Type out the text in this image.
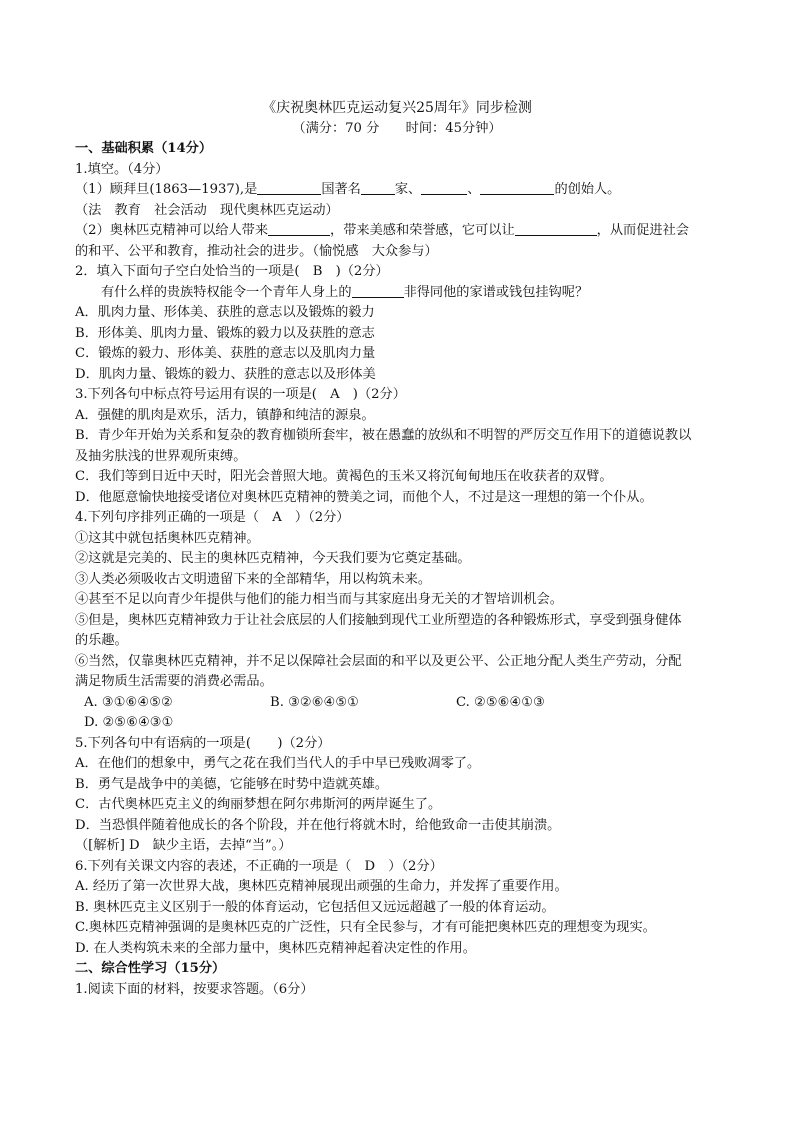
《庆祝奥林匹克运动复兴25周年》同步检测
（满分：70 分　　时间：45分钟）
一、基础积累（14分）
1.填空。（4分）
（1）顾拜旦(1863—1937),是	国著名	家、	、	的创始人。
（法　教育　社会活动　现代奥林匹克运动）
（2）奥林匹克精神可以给人带来	，带来美感和荣誉感，它可以让	，从而促进社会
的和平、公平和教育，推动社会的进步。（愉悦感　大众参与）
2．填入下面句子空白处恰当的一项是(　B　)（2分）
有什么样的贵族特权能令一个青年人身上的	非得同他的家谱或钱包挂钩呢？
A．肌肉力量、形体美、获胜的意志以及锻炼的毅力
B．形体美、肌肉力量、锻炼的毅力以及获胜的意志
C．锻炼的毅力、形体美、获胜的意志以及肌肉力量
D．肌肉力量、锻炼的毅力、获胜的意志以及形体美
3.下列各句中标点符号运用有误的一项是(　A　)（2分）
A．强健的肌肉是欢乐，活力，镇静和纯洁的源泉。
B．青少年开始为关系和复杂的教育枷锁所套牢，被在愚蠢的放纵和不明智的严厉交互作用下的道德说教以
及抽劣肤浅的世界观所束缚。
C．我们等到日近中天时，阳光会普照大地。黄褐色的玉米又将沉甸甸地压在收获者的双臂。
D．他愿意愉快地接受诸位对奥林匹克精神的赞美之词，而他个人，不过是这一理想的第一个仆从。
4.下列句序排列正确的一项是（　A　）（2分）
①这其中就包括奥林匹克精神。
②这就是完美的、民主的奥林匹克精神，今天我们要为它奠定基础。
③人类必须吸收古文明遗留下来的全部精华，用以构筑未来。
④甚至不足以向青少年提供与他们的能力相当而与其家庭出身无关的才智培训机会。
⑤但是，奥林匹克精神致力于让社会底层的人们接触到现代工业所塑造的各种锻炼形式，享受到强身健体
的乐趣。
⑥当然，仅靠奥林匹克精神，并不足以保障社会层面的和平以及更公平、公正地分配人类生产劳动，分配
满足物质生活需要的消费必需品。
A. ③①⑥④⑤②	B. ③②⑥④⑤①	C. ②⑤⑥④①③
D. ②⑤⑥④③①
5.下列各句中有语病的一项是(　　)（2分）
A．在他们的想象中，勇气之花在我们当代人的手中早已残败凋零了。
B．勇气是战争中的美德，它能够在时势中造就英雄。
C．古代奥林匹克主义的绚丽梦想在阿尔弗斯河的两岸诞生了。
D．当恐惧伴随着他成长的各个阶段，并在他行将就木时，给他致命一击使其崩溃。
（[解析] D　缺少主语，去掉“当”。）
6.下列有关课文内容的表述，不正确的一项是（　D　）（2分）
A. 经历了第一次世界大战，奥林匹克精神展现出顽强的生命力，并发挥了重要作用。
B. 奥林匹克主义区别于一般的体育运动，它包括但又远远超越了一般的体育运动。
C.奥林匹克精神强调的是奥林匹克的广泛性，只有全民参与，才有可能把奥林匹克的理想变为现实。
D. 在人类构筑未来的全部力量中，奥林匹克精神起着决定性的作用。
二、综合性学习（15分）
1.阅读下面的材料，按要求答题。（6分）
